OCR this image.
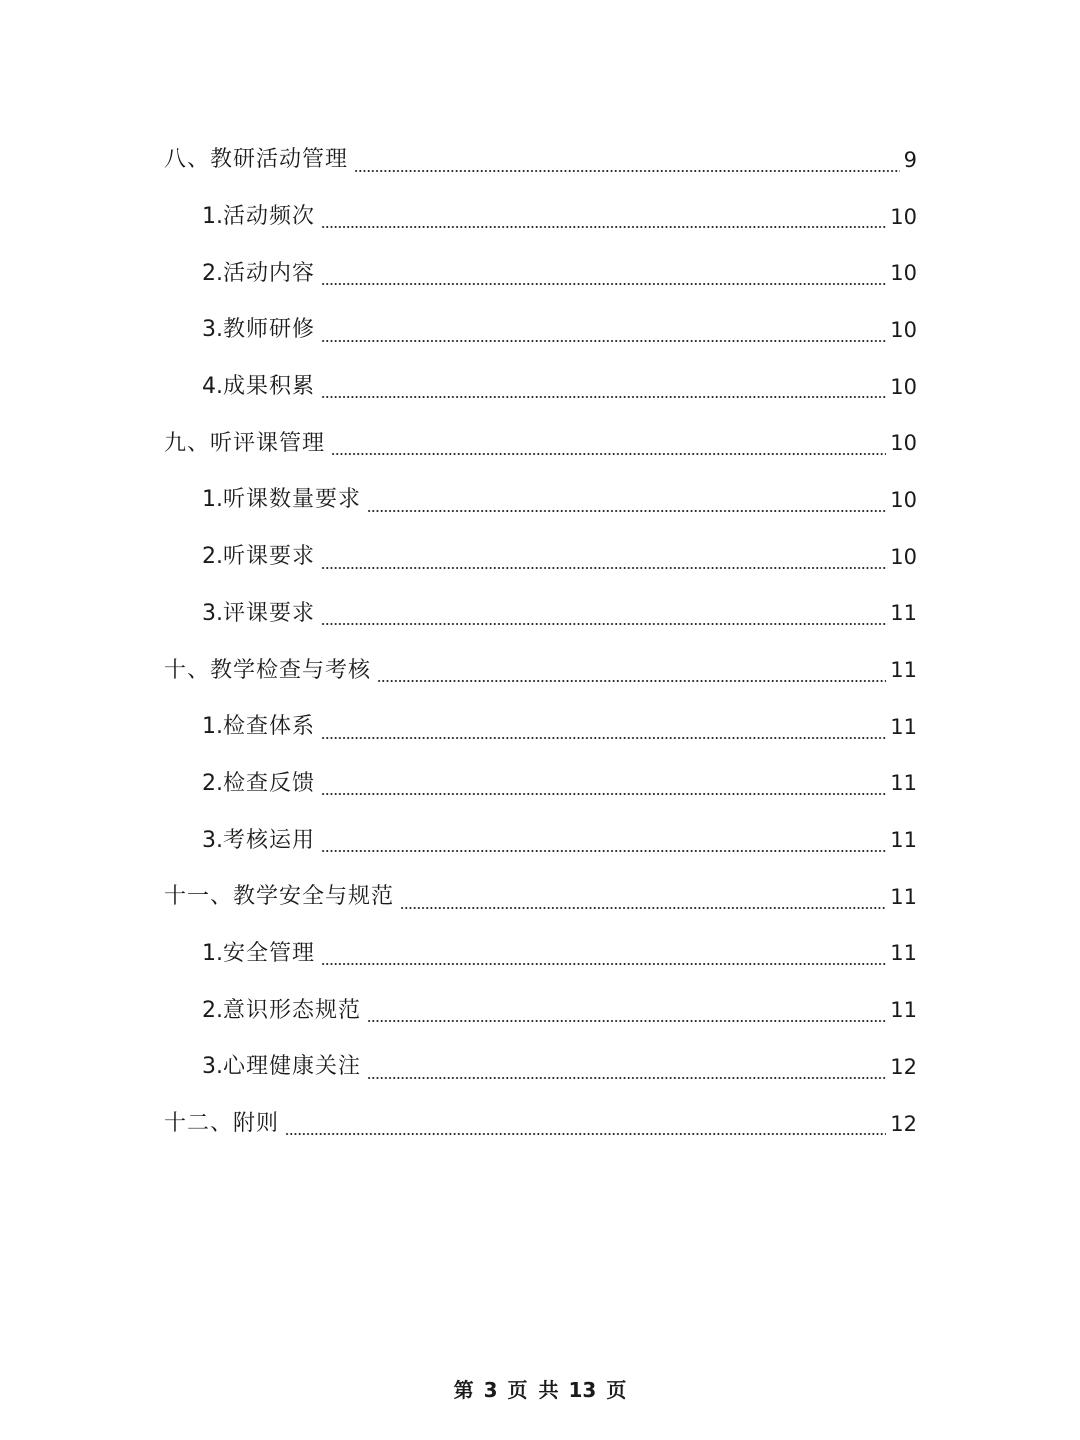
八、教研活动管理	9
1.活动频次	10
2.活动内容	10
3.教师研修	10
4.成果积累	10
九、听评课管理	10
1.听课数量要求	10
2.听课要求	10
3.评课要求	11
十、教学检查与考核	11
1.检查体系	11
2.检查反馈	11
3.考核运用	11
十一、教学安全与规范	11
1.安全管理	11
2.意识形态规范	11
3.心理健康关注	12
十二、附则	12
第 3 页 共 13 页
